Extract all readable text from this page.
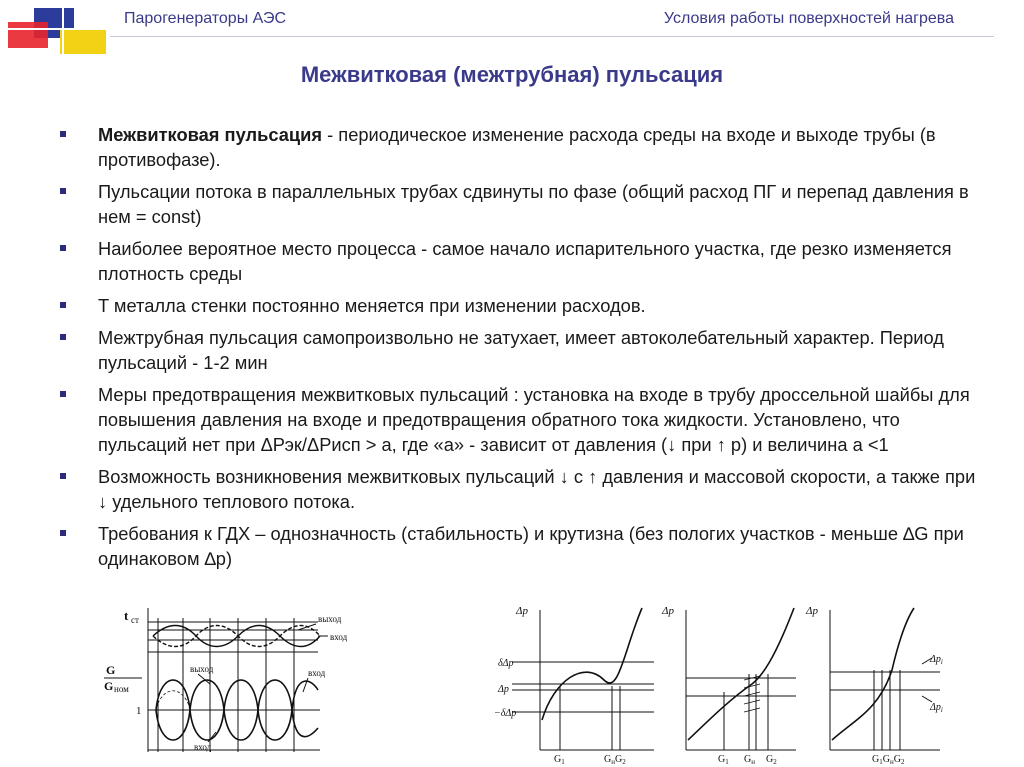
Парогенераторы АЭС	Условия работы поверхностей нагрева
Межвитковая (межтрубная) пульсация
Межвитковая пульсация - периодическое изменение расхода среды на входе и выходе трубы (в противофазе).
Пульсации потока в параллельных трубах сдвинуты по фазе (общий расход ПГ и перепад давления в нем = const)
Наиболее вероятное место процесса - самое начало испарительного участка, где резко изменяется плотность среды
T металла стенки постоянно меняется при изменении расходов.
Межтрубная пульсация самопроизвольно не затухает, имеет автоколебательный характер. Период пульсаций - 1-2 мин
Меры предотвращения межвитковых пульсаций : установка на входе в трубу дроссельной шайбы для повышения давления на входе и предотвращения обратного тока жидкости. Установлено, что пульсаций нет при ΔРэк/ΔРисп > a, где «a» - зависит от давления (↓ при ↑ p) и величина a <1
Возможность возникновения межвитковых пульсаций ↓ с ↑ давления и массовой скорости, а также при ↓ удельного теплового потока.
Требования к ГДХ – однозначность (стабильность) и крутизна (без пологих участков - меньше ∆G при одинаковом ∆p)
t ст
G
G ном
1
выход
вход
выход	вход
вход
Δp
δΔp
Δp
−δΔp
$G_1$	$G_нG_2$
Δp
$G_1$ $G_н$ $G_2$
Δp
$\Delta p_i$
$\Delta p_i$
$G_1G_нG_2$
